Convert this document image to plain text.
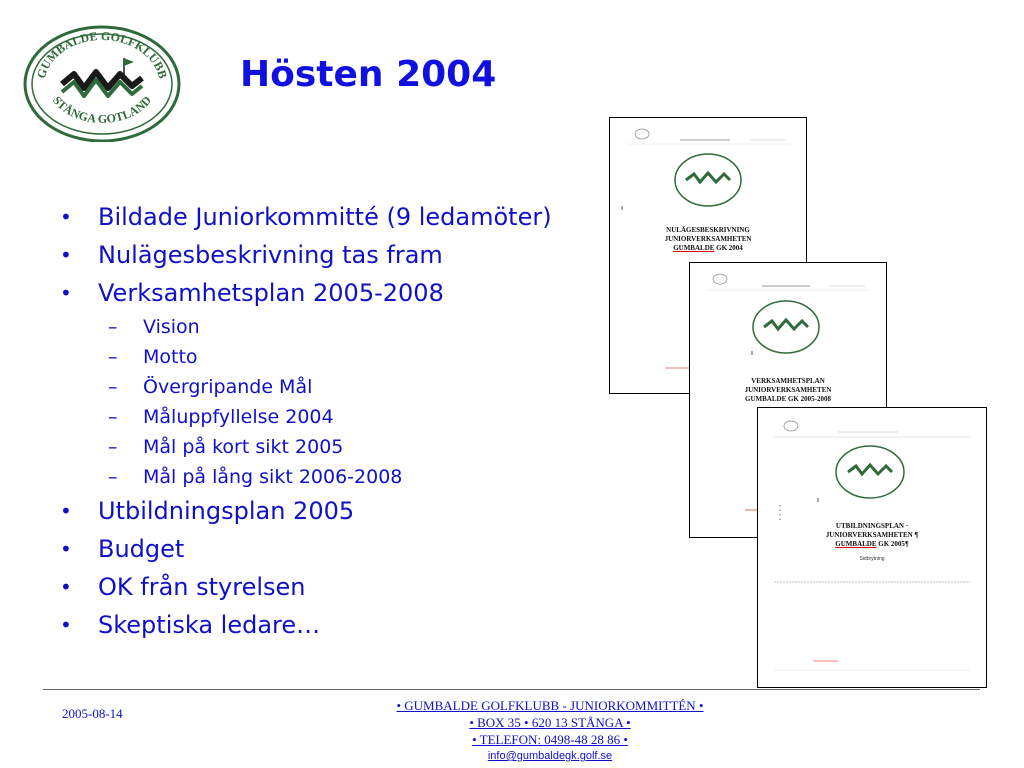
GUMBALDE GOLFKLUBB
STÅNGA GOTLAND
Hösten 2004
• Bildade Juniorkommitté (9 ledamöter)
• Nulägesbeskrivning tas fram
• Verksamhetsplan 2005-2008
– Vision
– Motto
– Övergripande Mål
– Måluppfyllelse 2004
– Mål på kort sikt 2005
– Mål på lång sikt 2006-2008
• Utbildningsplan 2005
• Budget
• OK från styrelsen
• Skeptiska ledare…
NULÄGESBESKRIVNING
JUNIORVERKSAMHETEN
GUMBALDE GK 2004
VERKSAMHETSPLAN
JUNIORVERKSAMHETEN
GUMBALDE GK 2005-2008
UTBILDNINGSPLAN ·
JUNIORVERKSAMHETEN ¶
GUMBALDE GK 2005¶
Sidbrytning
2005-08-14
• GUMBALDE GOLFKLUBB - JUNIORKOMMITTÉN •
• BOX 35 • 620 13 STÅNGA •
• TELEFON: 0498-48 28 86 •
info@gumbaldegk.golf.se
